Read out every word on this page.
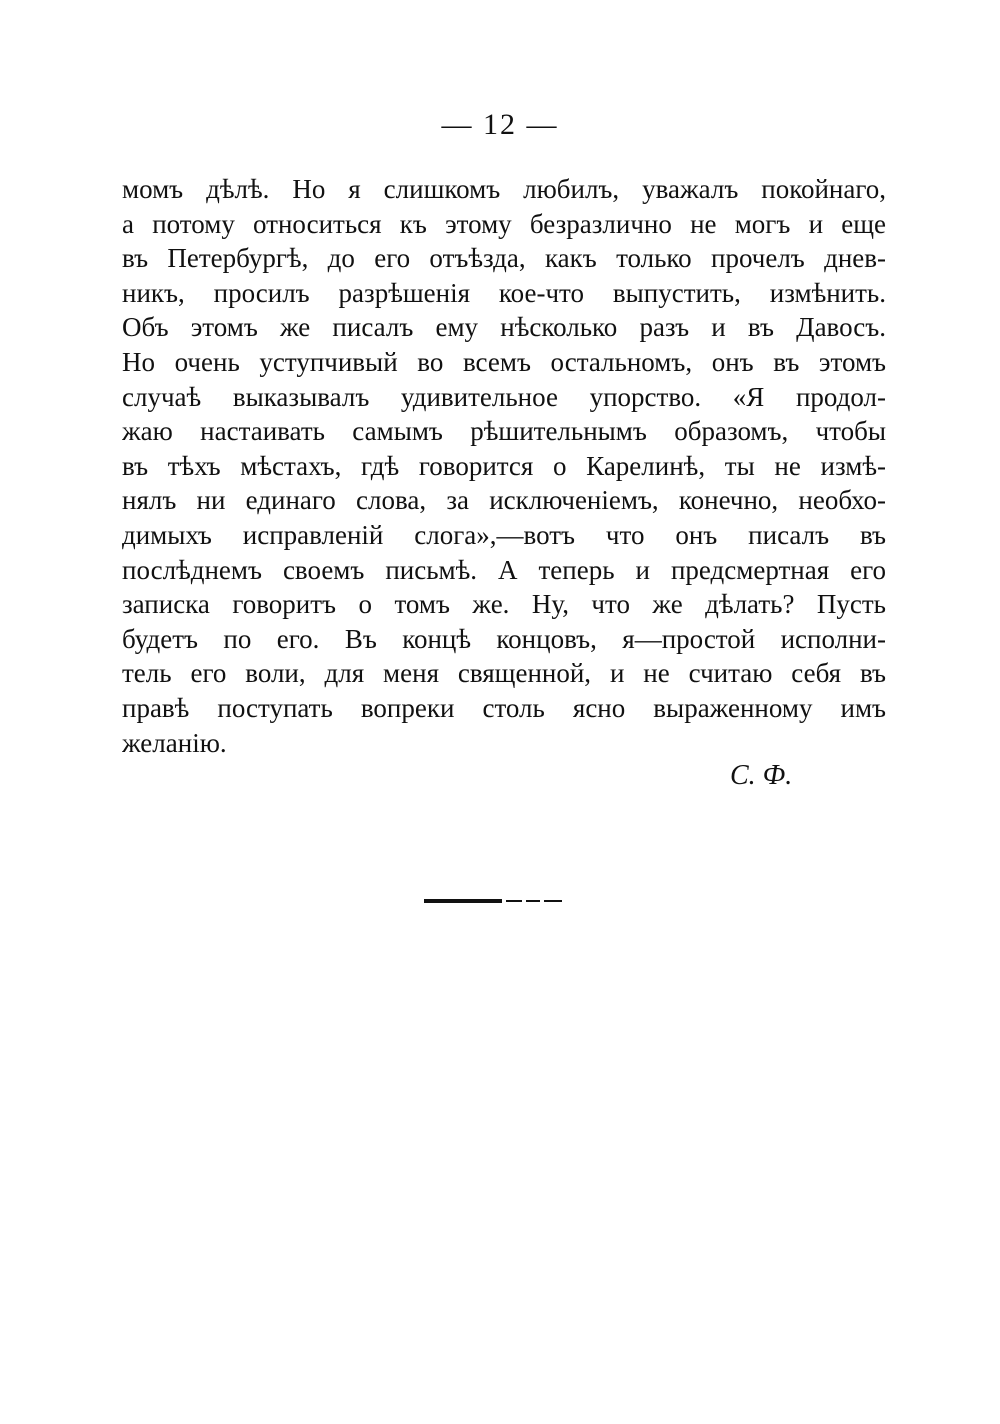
— 12 —
момъ дѣлѣ. Но я слишкомъ любилъ, уважалъ покойнаго,
а потому относиться къ этому безразлично не могъ и еще
въ Петербургѣ, до его отъѣзда, какъ только прочелъ днев-
никъ, просилъ разрѣшенія кое-что выпустить, измѣнить.
Объ этомъ же писалъ ему нѣсколько разъ и въ Давосъ.
Но очень уступчивый во всемъ остальномъ, онъ въ этомъ
случаѣ выказывалъ удивительное упорство. «Я продол-
жаю настаивать самымъ рѣшительнымъ образомъ, чтобы
въ тѣхъ мѣстахъ, гдѣ говорится о Карелинѣ, ты не измѣ-
нялъ ни единаго слова, за исключеніемъ, конечно, необхо-
димыхъ исправленій слога»,—вотъ что онъ писалъ въ
послѣднемъ своемъ письмѣ. А теперь и предсмертная его
записка говоритъ о томъ же. Ну, что же дѣлать? Пусть
будетъ по его. Въ концѣ концовъ, я—простой исполни-
тель его воли, для меня священной, и не считаю себя въ
правѣ поступать вопреки столь ясно выраженному имъ
желанію.
С. Ф.
